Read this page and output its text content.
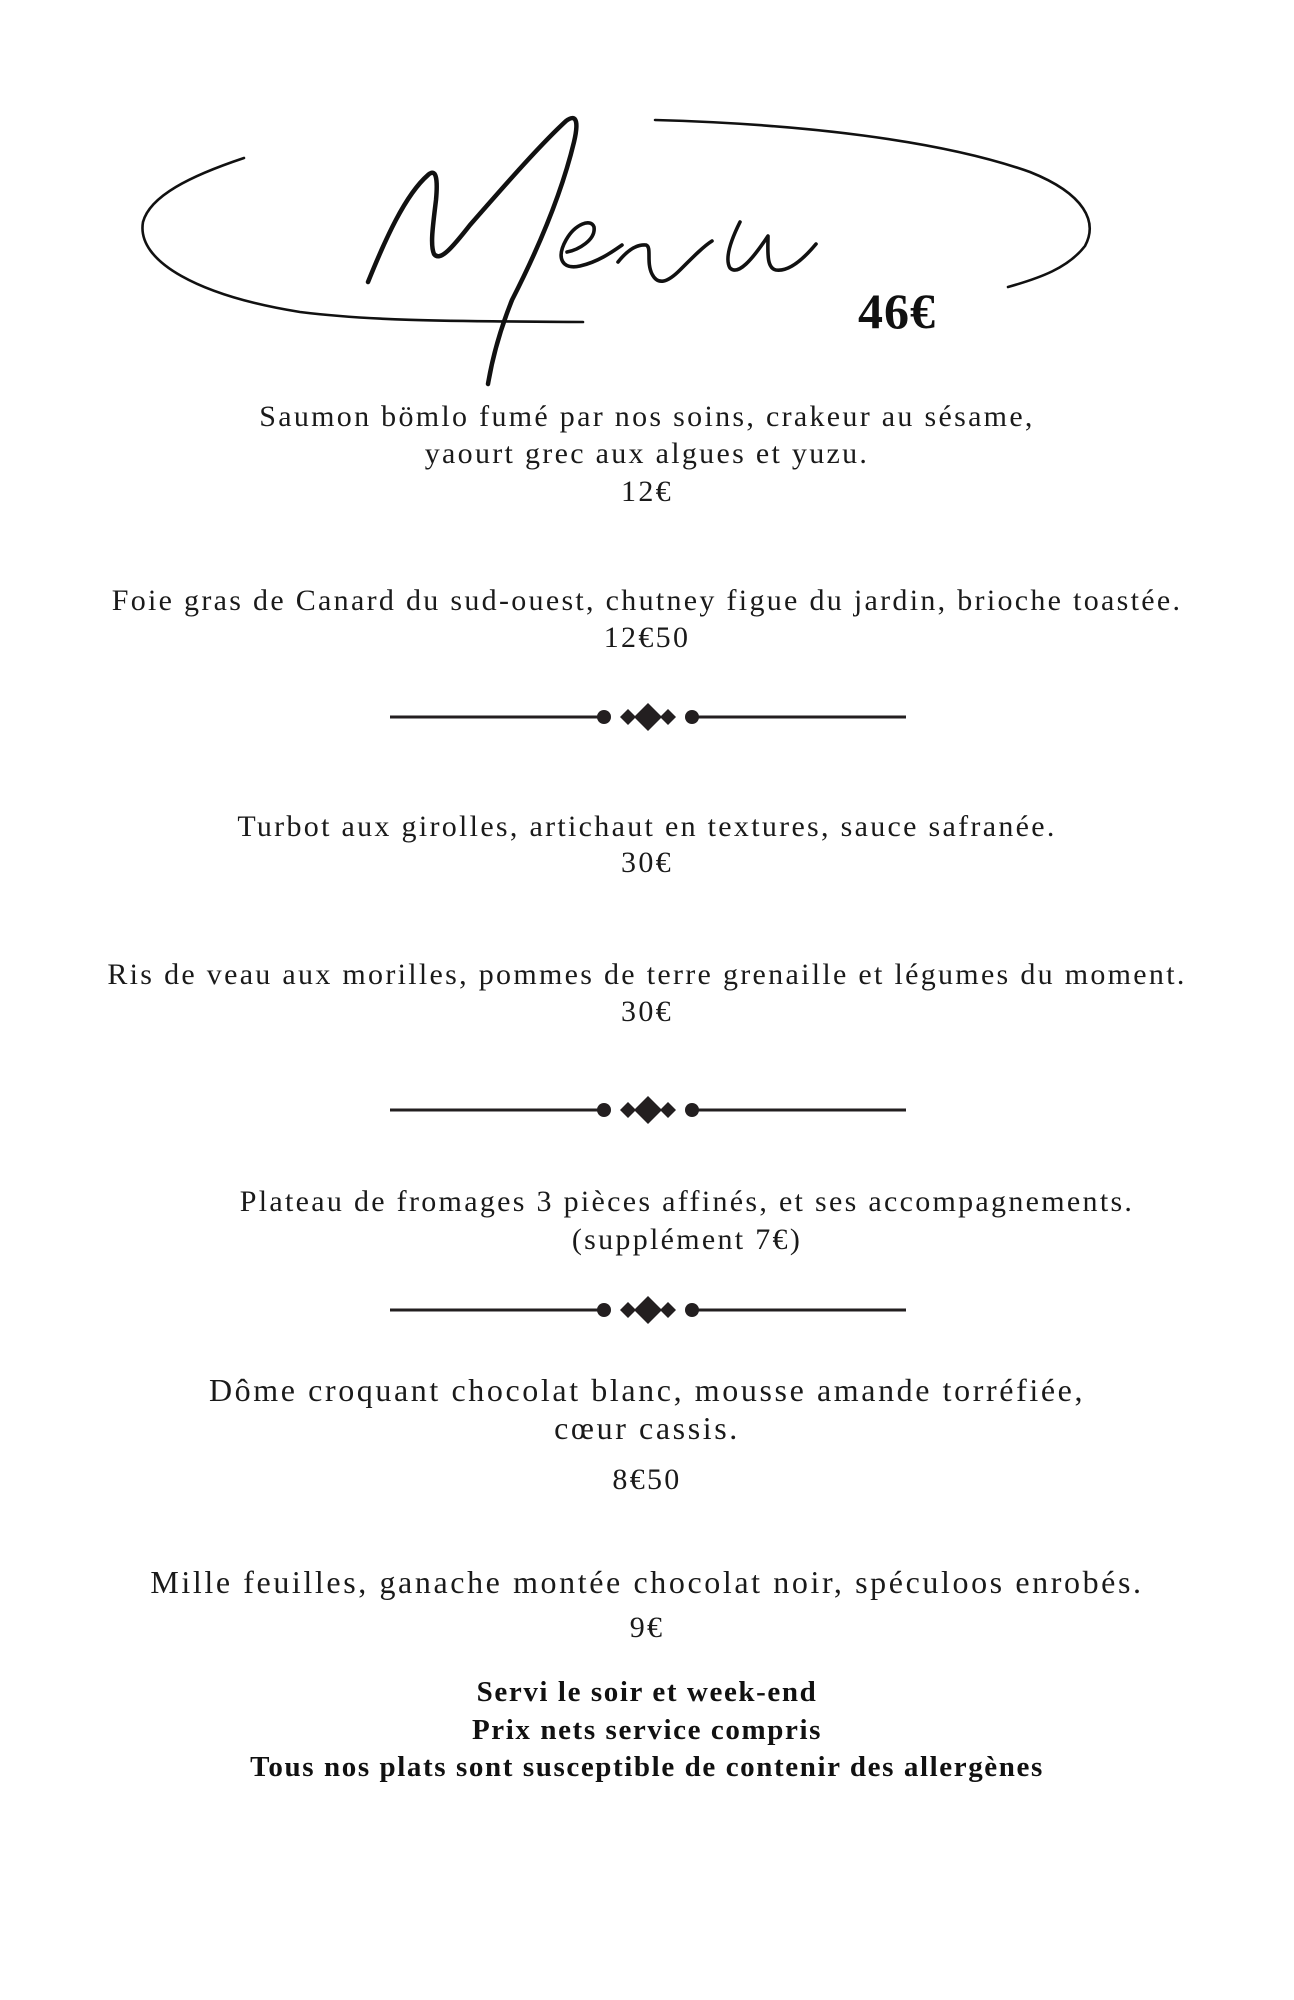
46€
Saumon bömlo fumé par nos soins, crakeur au sésame,
yaourt grec aux algues et yuzu.
12€
Foie gras de Canard du sud-ouest, chutney figue du jardin, brioche toastée.
12€50
Turbot aux girolles, artichaut en textures, sauce safranée.
30€
Ris de veau aux morilles, pommes de terre grenaille et légumes du moment.
30€
Plateau de fromages 3 pièces affinés, et ses accompagnements.
(supplément 7€)
Dôme croquant chocolat blanc, mousse amande torréfiée,
cœur cassis.
8€50
Mille feuilles, ganache montée chocolat noir, spéculoos enrobés.
9€
Servi le soir et week-end
Prix nets service compris
Tous nos plats sont susceptible de contenir des allergènes
